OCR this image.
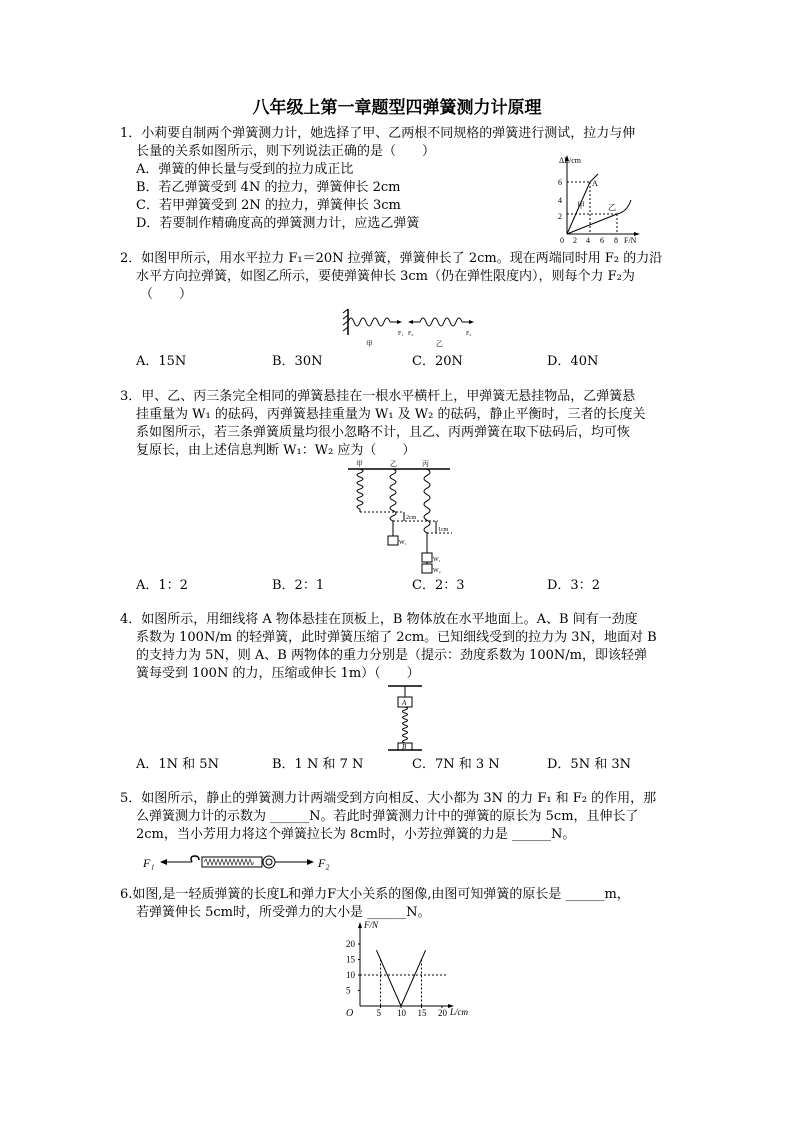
八年级上第一章题型四弹簧测力计原理
1．小莉要自制两个弹簧测力计，她选择了甲、乙两根不同规格的弹簧进行测试，拉力与伸
长量的关系如图所示，则下列说法正确的是（　　）
A．弹簧的伸长量与受到的拉力成正比
B．若乙弹簧受到 4N 的拉力，弹簧伸长 2cm
C．若甲弹簧受到 2N 的拉力，弹簧伸长 3cm
D．若要制作精确度高的弹簧测力计，应选乙弹簧
ΔL/cm
F/N
0
2
4
6
2 4 6 8
A
甲	乙
2．如图甲所示，用水平拉力 F₁＝20N 拉弹簧，弹簧伸长了 2cm。现在两端同时用 F₂ 的力沿
水平方向拉弹簧，如图乙所示，要使弹簧伸长 3cm（仍在弹性限度内），则每个力 F₂为
（　　）
F₁
甲
F₂	F₂
乙
A．15N	B．30N	C．20N	D．40N
3．甲、乙、丙三条完全相同的弹簧悬挂在一根水平横杆上，甲弹簧无悬挂物品，乙弹簧悬
挂重量为 W₁ 的砝码，丙弹簧悬挂重量为 W₁ 及 W₂ 的砝码，静止平衡时，三者的长度关
系如图所示，若三条弹簧质量均很小忽略不计，且乙、丙两弹簧在取下砝码后，均可恢
复原长，由上述信息判断 W₁：W₂ 应为（　　）
甲	乙	丙
W₁
W₁
W₂
2cm
1cm
A．1：2	B．2：1	C．2：3	D．3：2
4．如图所示，用细线将 A 物体悬挂在顶板上，B 物体放在水平地面上。A、B 间有一劲度
系数为 100N/m 的轻弹簧，此时弹簧压缩了 2cm。已知细线受到的拉力为 3N，地面对 B
的支持力为 5N，则 A、B 两物体的重力分别是（提示：劲度系数为 100N/m，即该轻弹
簧每受到 100N 的力，压缩或伸长 1m）（　　）
A
B
A．1N 和 5N	B．1 N 和 7 N	C．7N 和 3 N	D．5N 和 3N
5．如图所示，静止的弹簧测力计两端受到方向相反、大小都为 3N 的力 F₁ 和 F₂ 的作用，那
么弹簧测力计的示数为 ______N。若此时弹簧测力计中的弹簧的原长为 5cm，且伸长了
2cm，当小芳用力将这个弹簧拉长为 8cm时，小芳拉弹簧的力是 ______N。
F₁	F₂
6.如图,是一轻质弹簧的长度L和弹力F大小关系的图像,由图可知弹簧的原长是 ______m，
若弹簧伸长 5cm时，所受弹力的大小是 ______N。
F/N
L/cm
O
5
10
15
20
5 10 15 20
